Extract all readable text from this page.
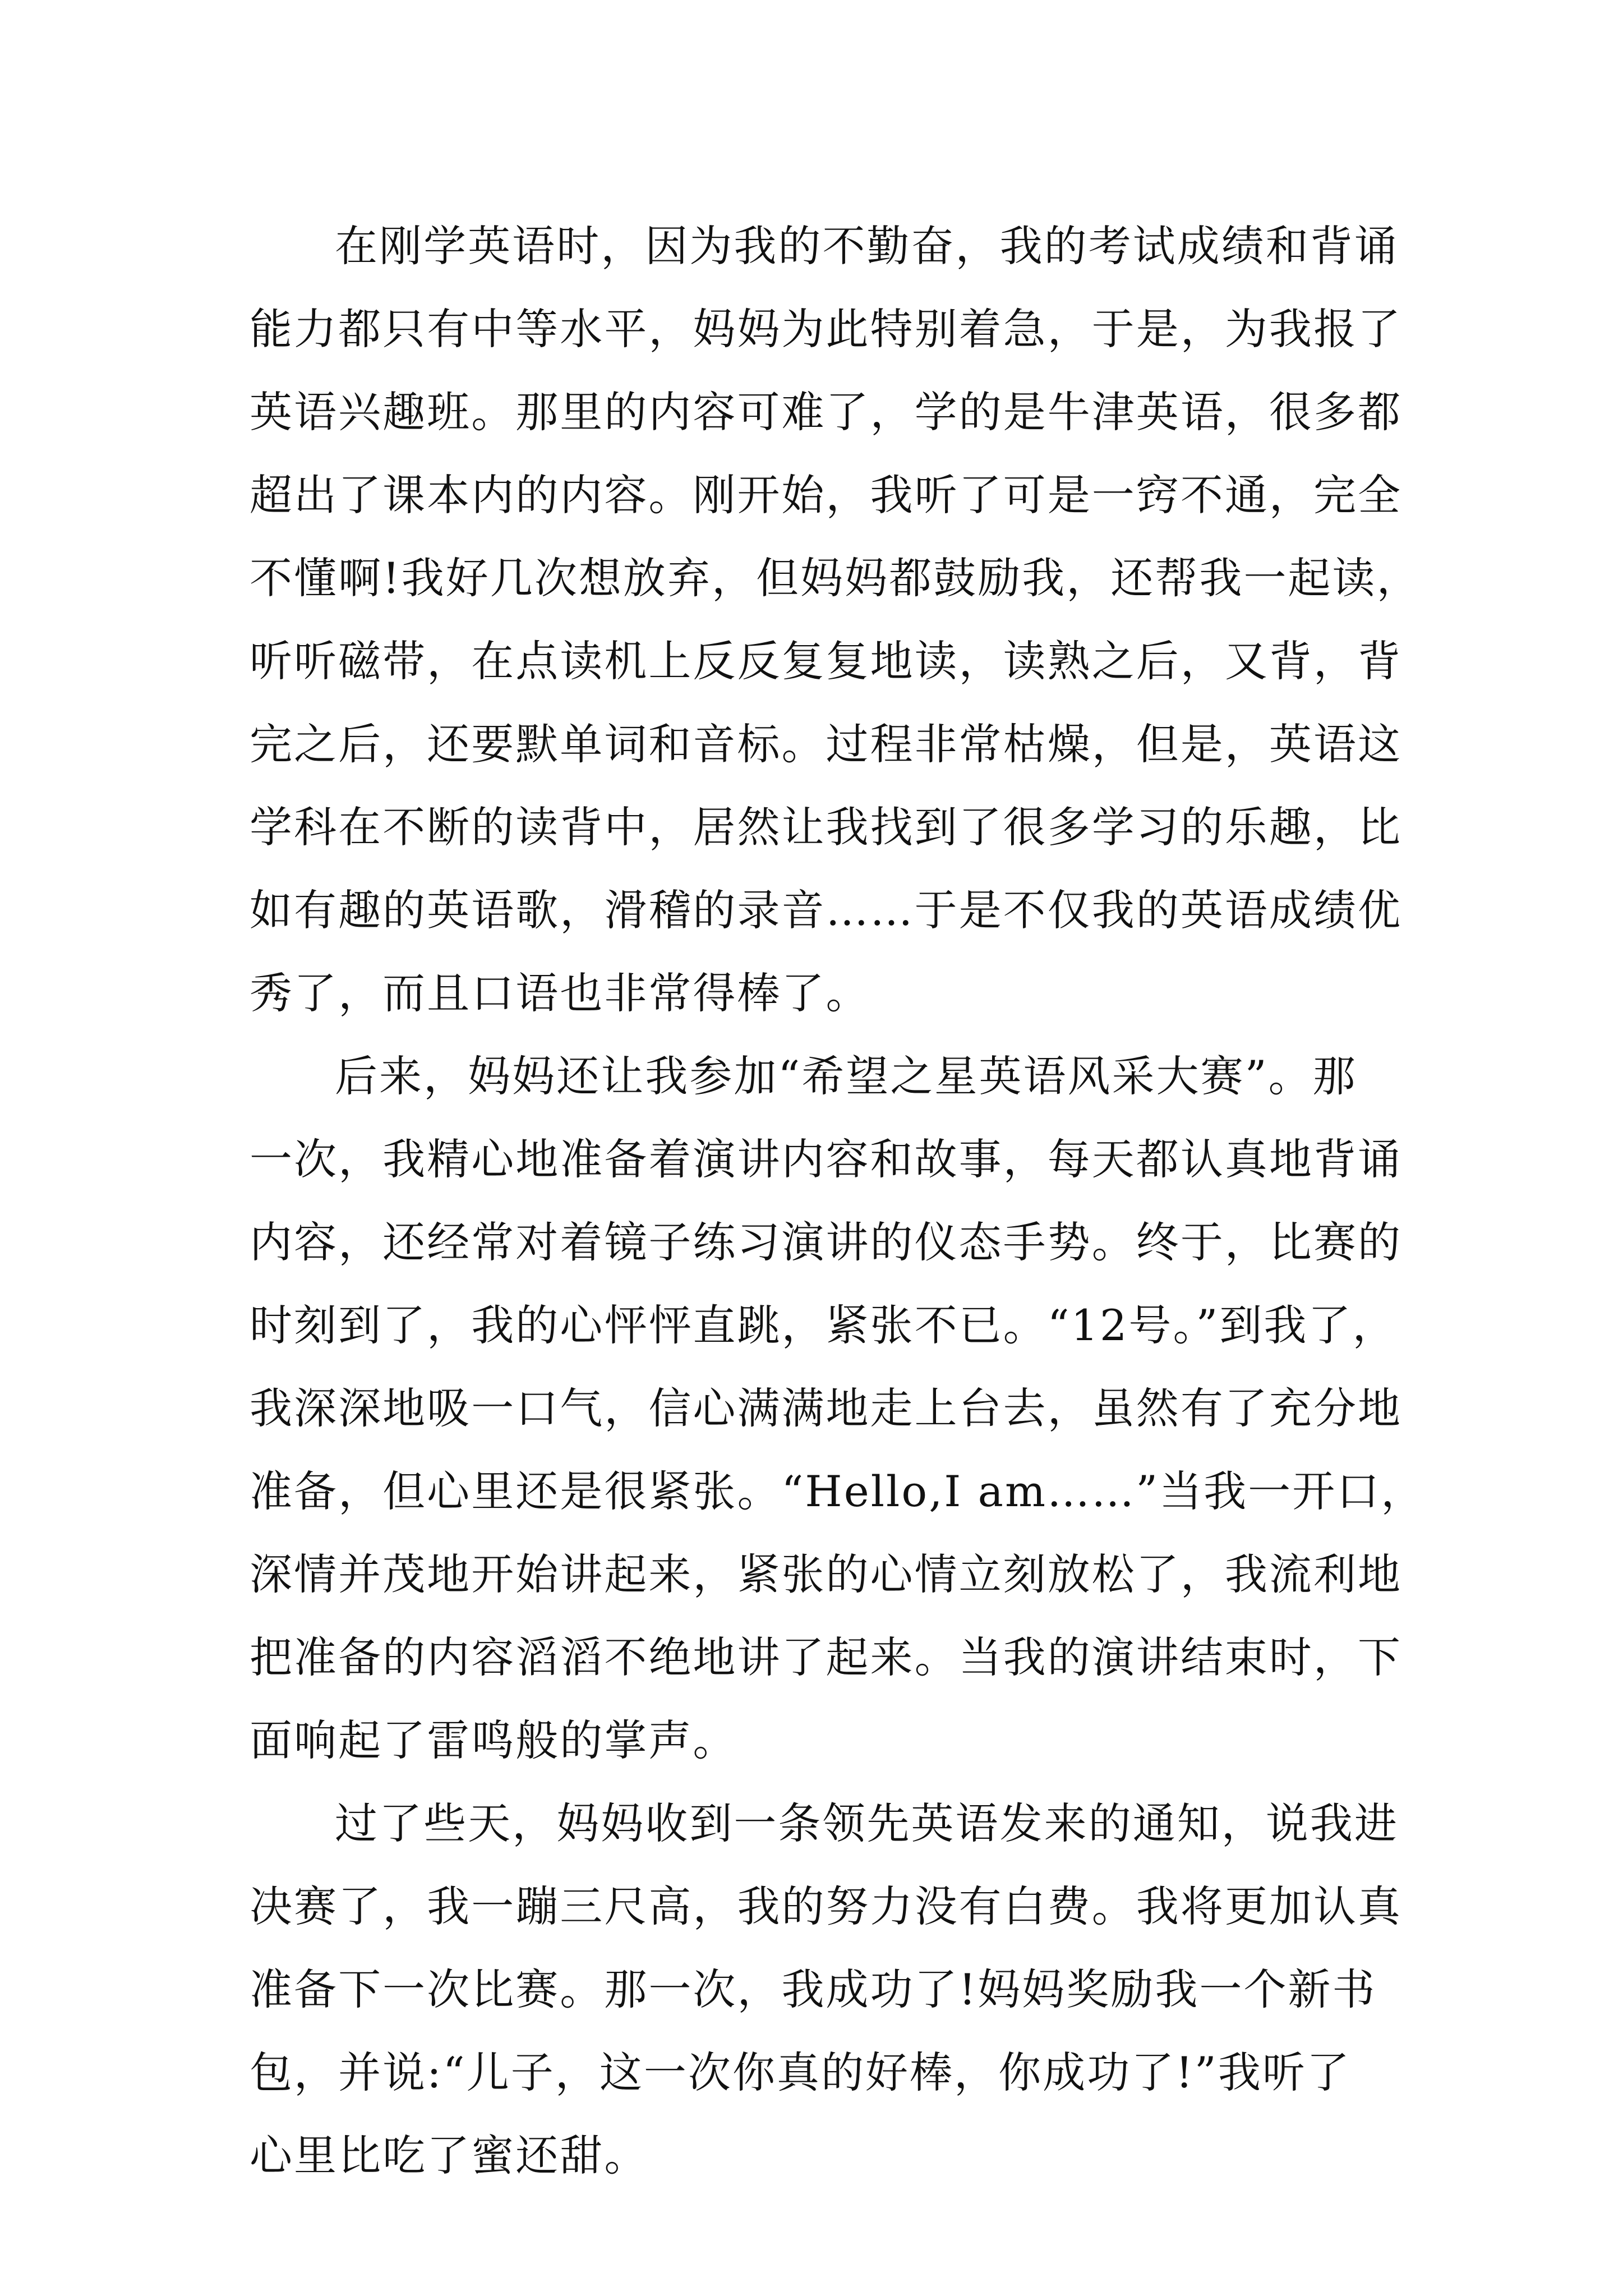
在刚学英语时，因为我的不勤奋，我的考试成绩和背诵
能力都只有中等水平，妈妈为此特别着急，于是，为我报了
英语兴趣班。那里的内容可难了，学的是牛津英语，很多都
超出了课本内的内容。刚开始，我听了可是一窍不通，完全
不懂啊!我好几次想放弃，但妈妈都鼓励我，还帮我一起读，
听听磁带，在点读机上反反复复地读，读熟之后，又背，背
完之后，还要默单词和音标。过程非常枯燥，但是，英语这
学科在不断的读背中，居然让我找到了很多学习的乐趣，比
如有趣的英语歌，滑稽的录音……于是不仅我的英语成绩优
秀了，而且口语也非常得棒了。
后来，妈妈还让我参加“希望之星英语风采大赛”。那
一次，我精心地准备着演讲内容和故事，每天都认真地背诵
内容，还经常对着镜子练习演讲的仪态手势。终于，比赛的
时刻到了，我的心怦怦直跳，紧张不已。“12号。”到我了，
我深深地吸一口气，信心满满地走上台去，虽然有了充分地
准备，但心里还是很紧张。“Hello,I am……”当我一开口，
深情并茂地开始讲起来，紧张的心情立刻放松了，我流利地
把准备的内容滔滔不绝地讲了起来。当我的演讲结束时，下
面响起了雷鸣般的掌声。
过了些天，妈妈收到一条领先英语发来的通知，说我进
决赛了，我一蹦三尺高，我的努力没有白费。我将更加认真
准备下一次比赛。那一次，我成功了!妈妈奖励我一个新书
包，并说:“儿子，这一次你真的好棒，你成功了!”我听了
心里比吃了蜜还甜。
